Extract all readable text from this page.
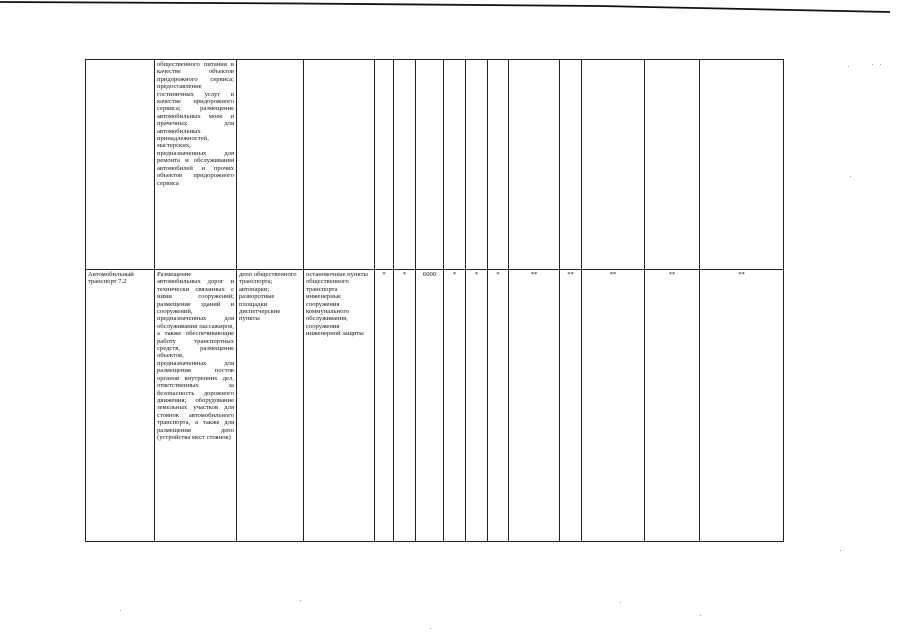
	общественного питания в качестве объектов придорожного сервиса; предоставление гостиничных услуг в качестве придорожного сервиса; размещение автомобильных моек и прачечных для автомобильных принадлежностей, мастерских, предназначенных для ремонта и обслуживания автомобилей и прочих объектов придорожного сервиса													
Автомобильный транспорт 7.2	Размещение автомобильных дорог и технически связанных с ними сооружений; размещение зданий и сооружений, предназначенных для обслуживания пассажиров, а также обеспечивающие работу транспортных средств, размещение объектов, предназначенных для размещения постов органов внутренних дел, ответственных за безопасность дорожного движения; оборудование земельных участков для стоянок автомобильного транспорта, а также для размещения депо (устройства мест стоянок)	депо общественного транспорта; автопарки; разворотные площадки диспетчерские пункты	остановочные пункты общественного транспорта инженерные сооружения коммунального обслуживания, сооружения инженерной защиты	*	*	6000	*	*	*	**	**	**	**	**
